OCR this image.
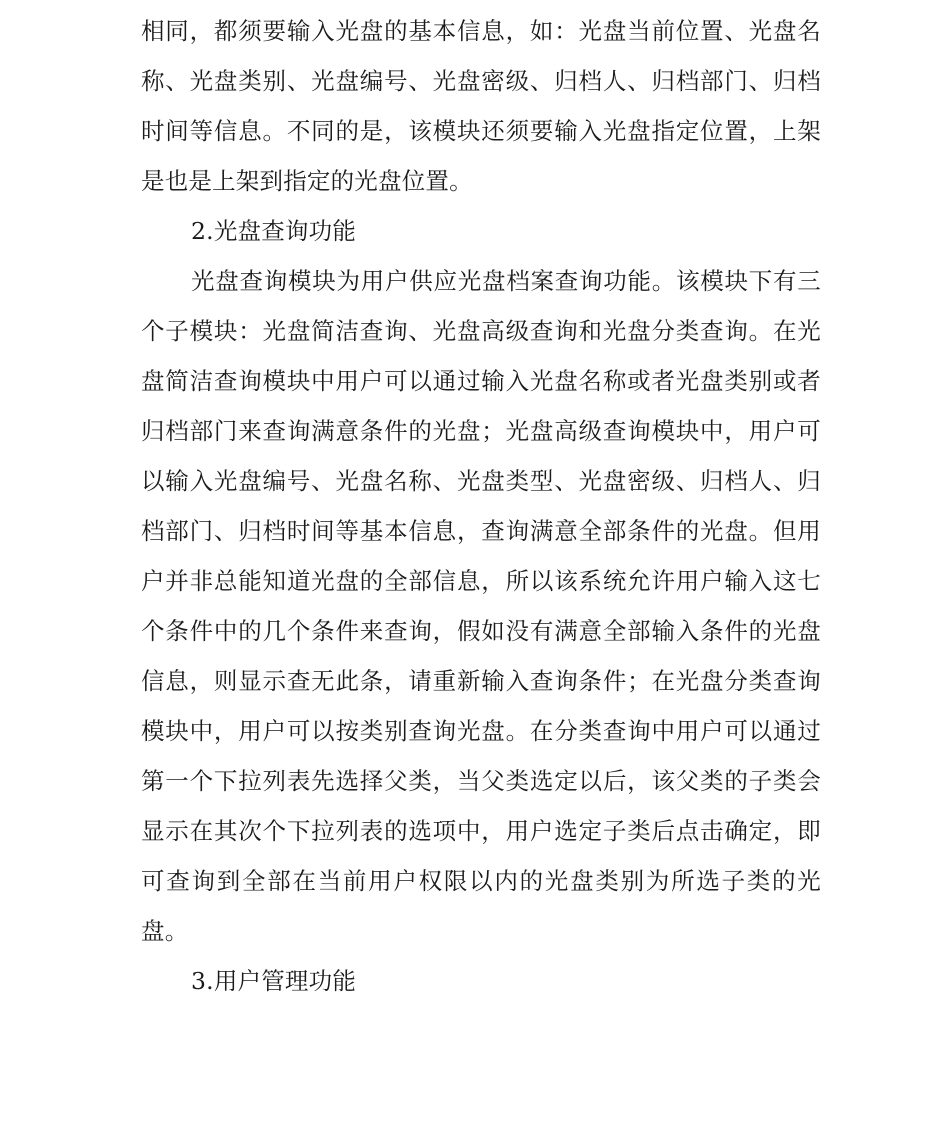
相同，都须要输入光盘的基本信息，如：光盘当前位置、光盘名
称、光盘类别、光盘编号、光盘密级、归档人、归档部门、归档
时间等信息。不同的是，该模块还须要输入光盘指定位置，上架
是也是上架到指定的光盘位置。
2.光盘查询功能
光盘查询模块为用户供应光盘档案查询功能。该模块下有三
个子模块：光盘简洁查询、光盘高级查询和光盘分类查询。在光
盘简洁查询模块中用户可以通过输入光盘名称或者光盘类别或者
归档部门来查询满意条件的光盘；光盘高级查询模块中，用户可
以输入光盘编号、光盘名称、光盘类型、光盘密级、归档人、归
档部门、归档时间等基本信息，查询满意全部条件的光盘。但用
户并非总能知道光盘的全部信息，所以该系统允许用户输入这七
个条件中的几个条件来查询，假如没有满意全部输入条件的光盘
信息，则显示查无此条，请重新输入查询条件；在光盘分类查询
模块中，用户可以按类别查询光盘。在分类查询中用户可以通过
第一个下拉列表先选择父类，当父类选定以后，该父类的子类会
显示在其次个下拉列表的选项中，用户选定子类后点击确定，即
可查询到全部在当前用户权限以内的光盘类别为所选子类的光
盘。
3.用户管理功能
